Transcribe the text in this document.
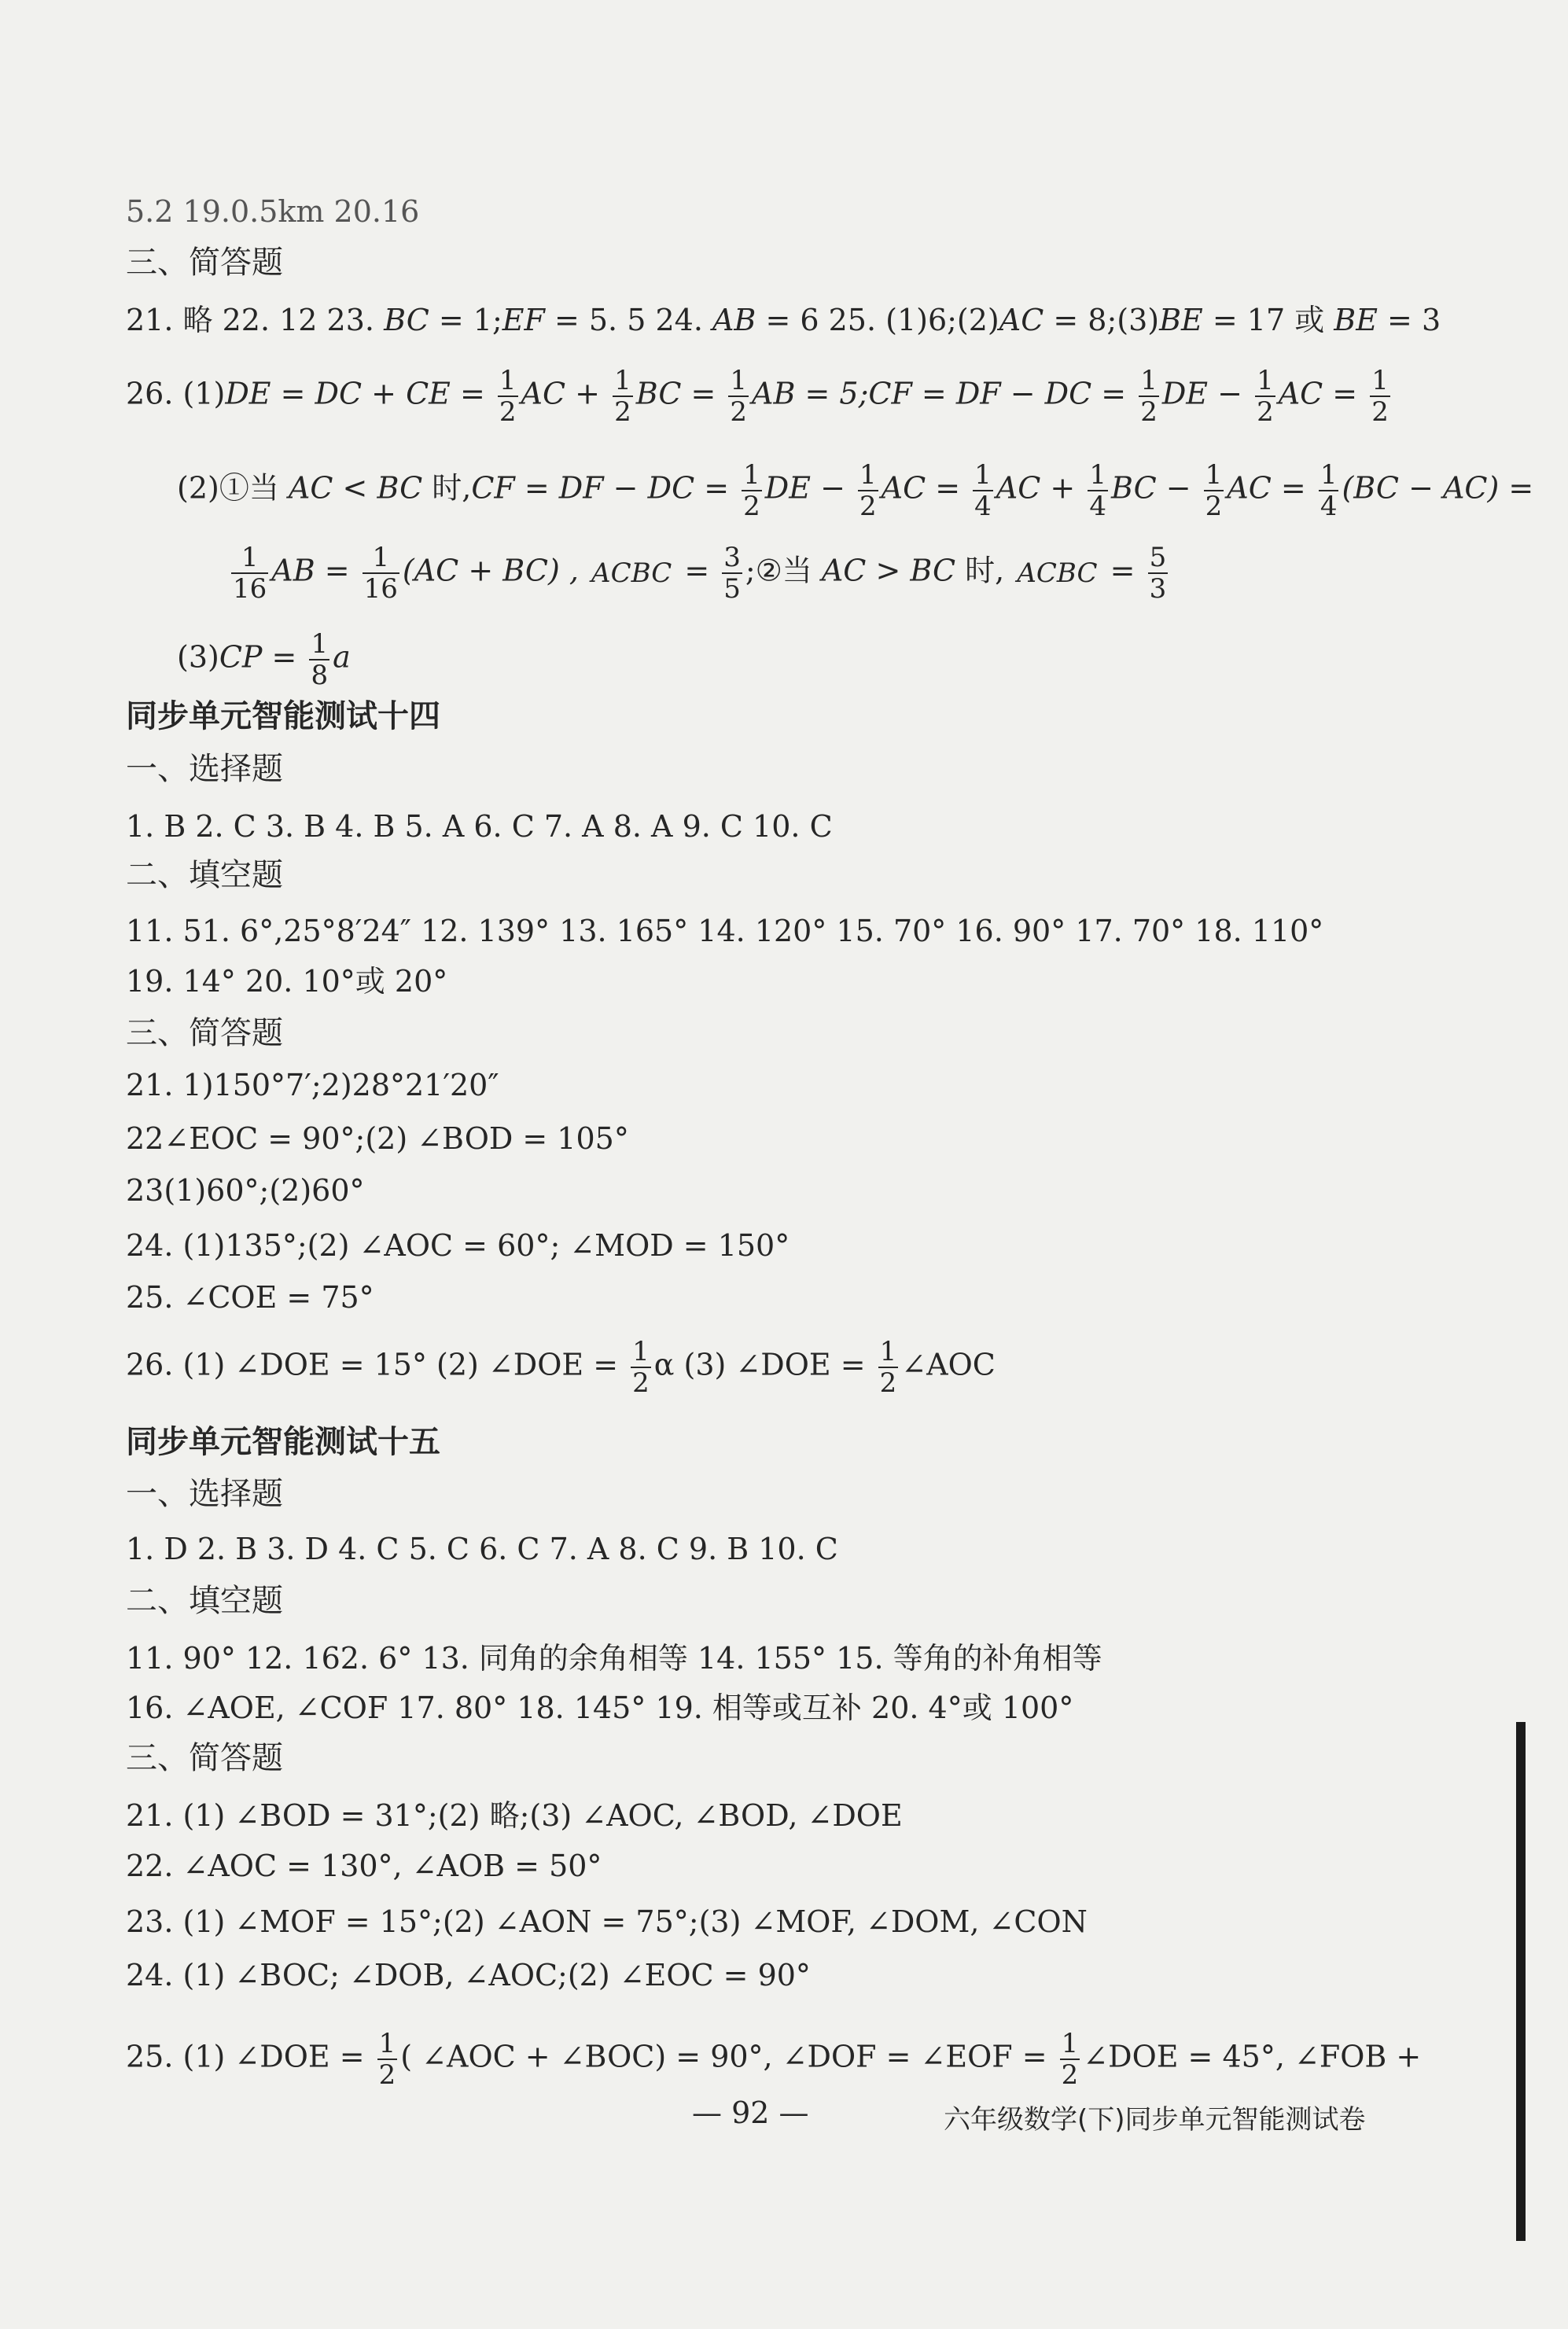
5.2 19.0.5km 20.16
三、简答题
21. 略 22. 12 23. BC = 1;EF = 5. 5 24. AB = 6 25. (1)6;(2)AC = 8;(3)BE = 17 或 BE = 3
26. (1)DE = DC + CE = $\frac{1}{2}$ AC + $\frac{1}{2}$ BC = $\frac{1}{2}$ AB = 5;CF = DF − DC = $\frac{1}{2}$ DE − $\frac{1}{2}$ AC = $\frac{1}{2}$
(2)①当 AC < BC 时,CF = DF − DC = $\frac{1}{2}$ DE − $\frac{1}{2}$ AC = $\frac{1}{4}$ AC + $\frac{1}{4}$ BC − $\frac{1}{2}$ AC = $\frac{1}{4} (BC - AC)$ =
$\frac{1}{16}$ AB = $\frac{1}{16} (AC + BC)$ , ACBC = $\frac{3}{5}$ ;②当 AC > BC 时, ACBC = $\frac{5}{3}$
$(3)CP = \frac{1}{8}$ a
同步单元智能测试十四
一、选择题
1. B 2. C 3. B 4. B 5. A 6. C 7. A 8. A 9. C 10. C
二、填空题
11. 51. 6°,25°8′24″ 12. 139° 13. 165° 14. 120° 15. 70° 16. 90° 17. 70° 18. 110°
19. 14° 20. 10°或 20°
三、简答题
21. 1)150°7′;2)28°21′20″
22∠EOC = 90°;(2) ∠BOD = 105°
23(1)60°;(2)60°
24. (1)135°;(2) ∠AOC = 60°; ∠MOD = 150°
25. ∠COE = 75°
26. (1) ∠DOE = 15° (2) ∠DOE = $\frac{1}{2}$ α (3) ∠DOE = $\frac{1}{2}$ ∠AOC
同步单元智能测试十五
一、选择题
1. D 2. B 3. D 4. C 5. C 6. C 7. A 8. C 9. B 10. C
二、填空题
11. 90° 12. 162. 6° 13. 同角的余角相等 14. 155° 15. 等角的补角相等
16. ∠AOE, ∠COF 17. 80° 18. 145° 19. 相等或互补 20. 4°或 100°
三、简答题
21. (1) ∠BOD = 31°;(2) 略;(3) ∠AOC, ∠BOD, ∠DOE
22. ∠AOC = 130°, ∠AOB = 50°
23. (1) ∠MOF = 15°;(2) ∠AON = 75°;(3) ∠MOF, ∠DOM, ∠CON
24. (1) ∠BOC; ∠DOB, ∠AOC;(2) ∠EOC = 90°
25. (1) ∠DOE = $\frac{1}{2}$ ( ∠AOC + ∠BOC) = 90°, ∠DOF = ∠EOF = $\frac{1}{2}$ ∠DOE = 45°, ∠FOB +
— 92 —	六年级数学(下)同步单元智能测试卷
